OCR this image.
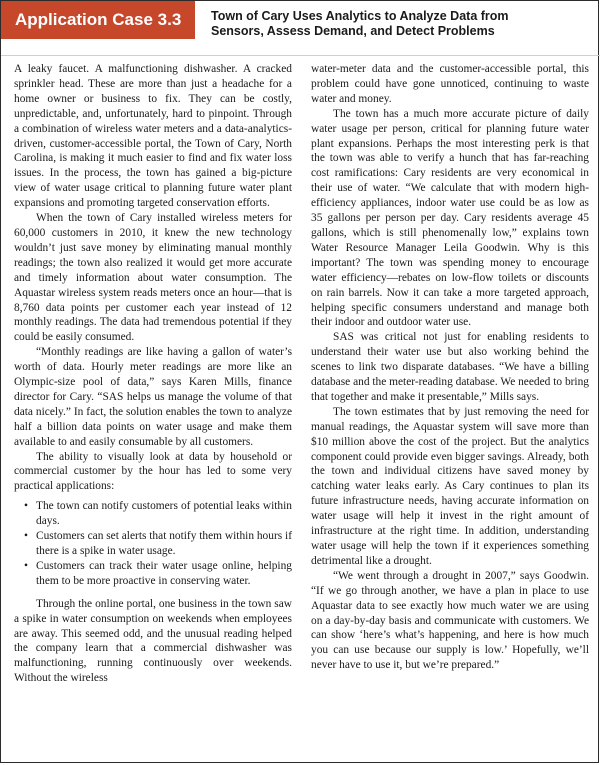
Application Case 3.3	Town of Cary Uses Analytics to Analyze Data from
Sensors, Assess Demand, and Detect Problems

A leaky faucet. A malfunctioning dishwasher. A cracked sprinkler head. These are more than just a headache for a home owner or business to fix. They can be costly, unpredictable, and, unfortunately, hard to pinpoint. Through a combination of wireless water meters and a data-analytics-driven, customer-accessible portal, the Town of Cary, North Carolina, is making it much easier to find and fix water loss issues. In the process, the town has gained a big-picture view of water usage critical to planning future water plant expansions and promoting targeted conservation efforts.

When the town of Cary installed wireless meters for 60,000 customers in 2010, it knew the new technology wouldn’t just save money by eliminating manual monthly readings; the town also realized it would get more accurate and timely information about water consumption. The Aquastar wireless system reads meters once an hour—that is 8,760 data points per customer each year instead of 12 monthly readings. The data had tremendous potential if they could be easily consumed.

“Monthly readings are like having a gallon of water’s worth of data. Hourly meter readings are more like an Olympic-size pool of data,” says Karen Mills, finance director for Cary. “SAS helps us manage the volume of that data nicely.” In fact, the solution enables the town to analyze half a billion data points on water usage and make them available to and easily consumable by all customers.

The ability to visually look at data by household or commercial customer by the hour has led to some very practical applications:

• The town can notify customers of potential leaks within days.
• Customers can set alerts that notify them within hours if there is a spike in water usage.
• Customers can track their water usage online, helping them to be more proactive in conserving water.

Through the online portal, one business in the town saw a spike in water consumption on weekends when employees are away. This seemed odd, and the unusual reading helped the company learn that a commercial dishwasher was malfunctioning, running continuously over weekends. Without the wireless

water-meter data and the customer-accessible portal, this problem could have gone unnoticed, continuing to waste water and money.

The town has a much more accurate picture of daily water usage per person, critical for planning future water plant expansions. Perhaps the most interesting perk is that the town was able to verify a hunch that has far-reaching cost ramifications: Cary residents are very economical in their use of water. “We calculate that with modern high-efficiency appliances, indoor water use could be as low as 35 gallons per person per day. Cary residents average 45 gallons, which is still phenomenally low,” explains town Water Resource Manager Leila Goodwin. Why is this important? The town was spending money to encourage water efficiency—rebates on low-flow toilets or discounts on rain barrels. Now it can take a more targeted approach, helping specific consumers understand and manage both their indoor and outdoor water use.

SAS was critical not just for enabling residents to understand their water use but also working behind the scenes to link two disparate databases. “We have a billing database and the meter-reading database. We needed to bring that together and make it presentable,” Mills says.

The town estimates that by just removing the need for manual readings, the Aquastar system will save more than $10 million above the cost of the project. But the analytics component could provide even bigger savings. Already, both the town and individual citizens have saved money by catching water leaks early. As Cary continues to plan its future infrastructure needs, having accurate information on water usage will help it invest in the right amount of infrastructure at the right time. In addition, understanding water usage will help the town if it experiences something detrimental like a drought.

“We went through a drought in 2007,” says Goodwin. “If we go through another, we have a plan in place to use Aquastar data to see exactly how much water we are using on a day-by-day basis and communicate with customers. We can show ‘here’s what’s happening, and here is how much you can use because our supply is low.’ Hopefully, we’ll never have to use it, but we’re prepared.”
